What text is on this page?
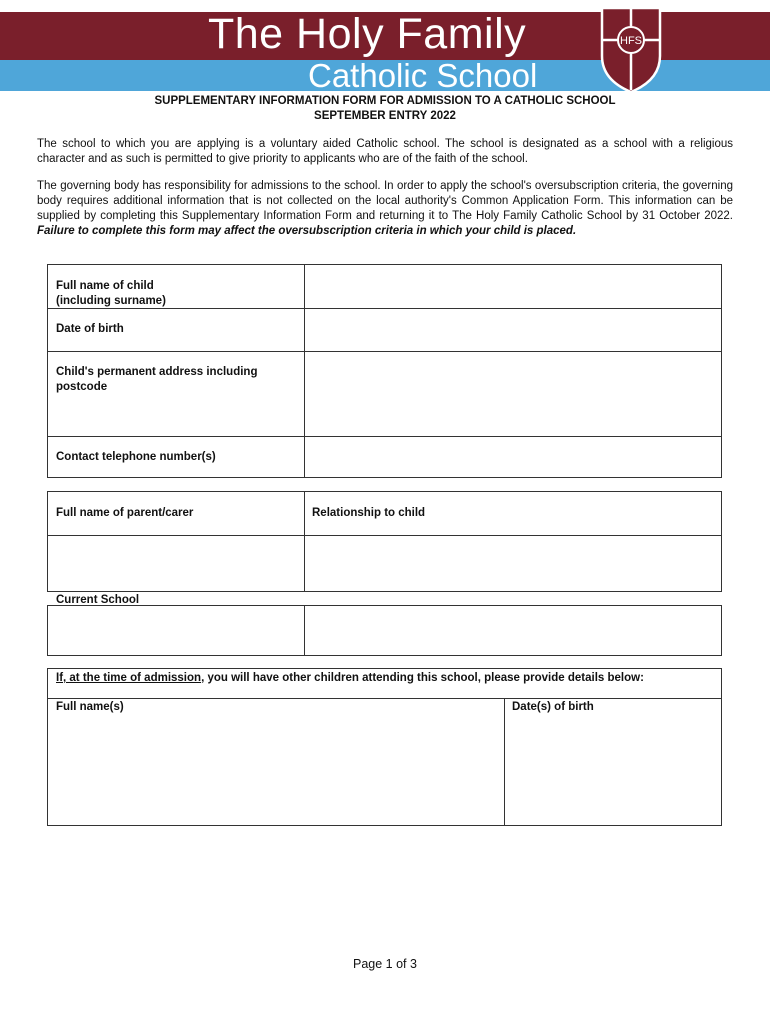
The Holy Family
Catholic School
HFS
SUPPLEMENTARY INFORMATION FORM FOR ADMISSION TO A CATHOLIC SCHOOL
SEPTEMBER ENTRY 2022
The school to which you are applying is a voluntary aided Catholic school. The school is designated as a school with a religious character and as such is permitted to give priority to applicants who are of the faith of the school.
The governing body has responsibility for admissions to the school. In order to apply the school's oversubscription criteria, the governing body requires additional information that is not collected on the local authority's Common Application Form. This information can be supplied by completing this Supplementary Information Form and returning it to The Holy Family Catholic School by 31 October 2022. Failure to complete this form may affect the oversubscription criteria in which your child is placed.
Full name of child
(including surname)
Date of birth
Child's permanent address including postcode
Contact telephone number(s)
Full name of parent/carer	Relationship to child
Current School
If, at the time of admission, you will have other children attending this school, please provide details below:
Full name(s)	Date(s) of birth
Page 1 of 3
